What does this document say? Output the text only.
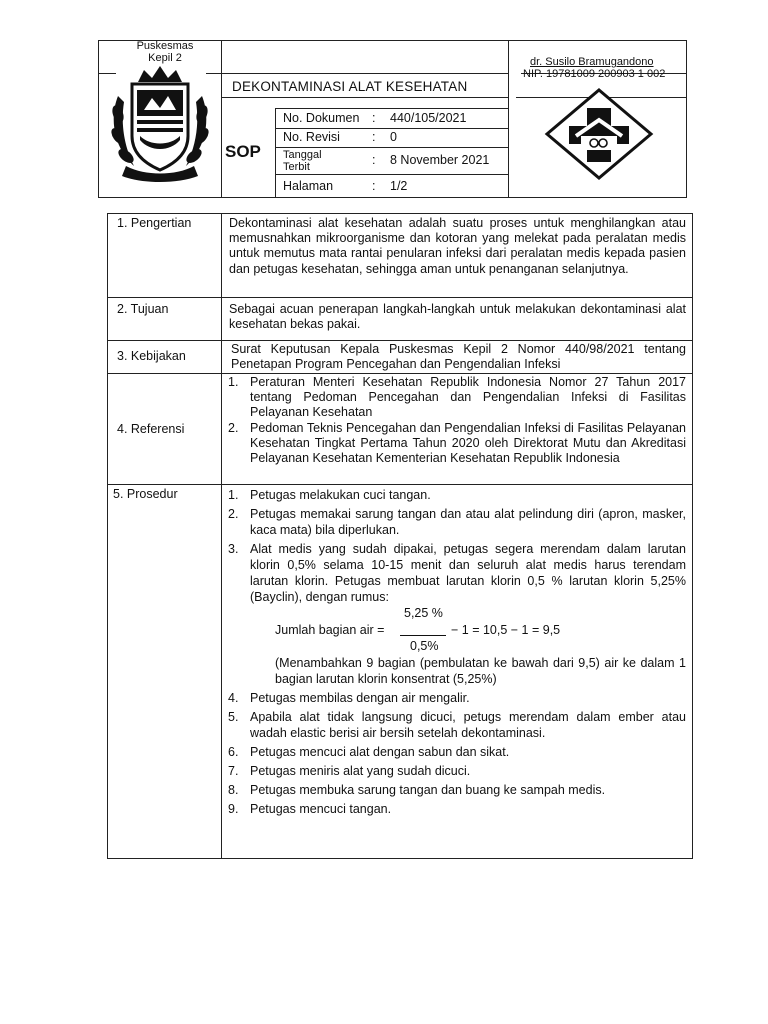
Puskesmas
Kepil 2
DEKONTAMINASI ALAT KESEHATAN
SOP
No. Dokumen : 440/105/2021
No. Revisi	: 0
Tanggal
Terbit	: 8 November 2021
Halaman	: 1/2
dr. Susilo Bramugandono
NIP. 19781009 200903 1 002
1. Pengertian	Dekontaminasi alat kesehatan adalah suatu proses untuk menghilangkan atau memusnahkan mikroorganisme dan kotoran yang melekat pada peralatan medis untuk memutus mata rantai penularan infeksi dari peralatan medis kepada pasien dan petugas kesehatan, sehingga aman untuk penanganan selanjutnya.
2. Tujuan	Sebagai acuan penerapan langkah-langkah untuk melakukan dekontaminasi alat kesehatan bekas pakai.
3. Kebijakan	Surat Keputusan Kepala Puskesmas Kepil 2 Nomor 440/98/2021 tentang Penetapan Program Pencegahan dan Pengendalian Infeksi
4. Referensi
1. Peraturan Menteri Kesehatan Republik Indonesia Nomor 27 Tahun 2017 tentang Pedoman Pencegahan dan Pengendalian Infeksi di Fasilitas Pelayanan Kesehatan
2. Pedoman Teknis Pencegahan dan Pengendalian Infeksi di Fasilitas Pelayanan Kesehatan Tingkat Pertama Tahun 2020 oleh Direktorat Mutu dan Akreditasi Pelayanan Kesehatan Kementerian Kesehatan Republik Indonesia
5. Prosedur	1. Petugas melakukan cuci tangan.
2. Petugas memakai sarung tangan dan atau alat pelindung diri (apron, masker, kaca mata) bila diperlukan.
3. Alat medis yang sudah dipakai, petugas segera merendam dalam larutan klorin 0,5% selama 10-15 menit dan seluruh alat medis harus terendam larutan klorin. Petugas membuat larutan klorin 0,5 % larutan klorin 5,25% (Bayclin), dengan rumus:
5,25 %
Jumlah bagian air =	− 1 = 10,5 − 1 = 9,5
0,5%
(Menambahkan 9 bagian (pembulatan ke bawah dari 9,5) air ke dalam 1 bagian larutan klorin konsentrat (5,25%)
4. Petugas membilas dengan air mengalir.
5. Apabila alat tidak langsung dicuci, petugs merendam dalam ember atau wadah elastic berisi air bersih setelah dekontaminasi.
6. Petugas mencuci alat dengan sabun dan sikat.
7. Petugas meniris alat yang sudah dicuci.
8. Petugas membuka sarung tangan dan buang ke sampah medis.
9. Petugas mencuci tangan.
